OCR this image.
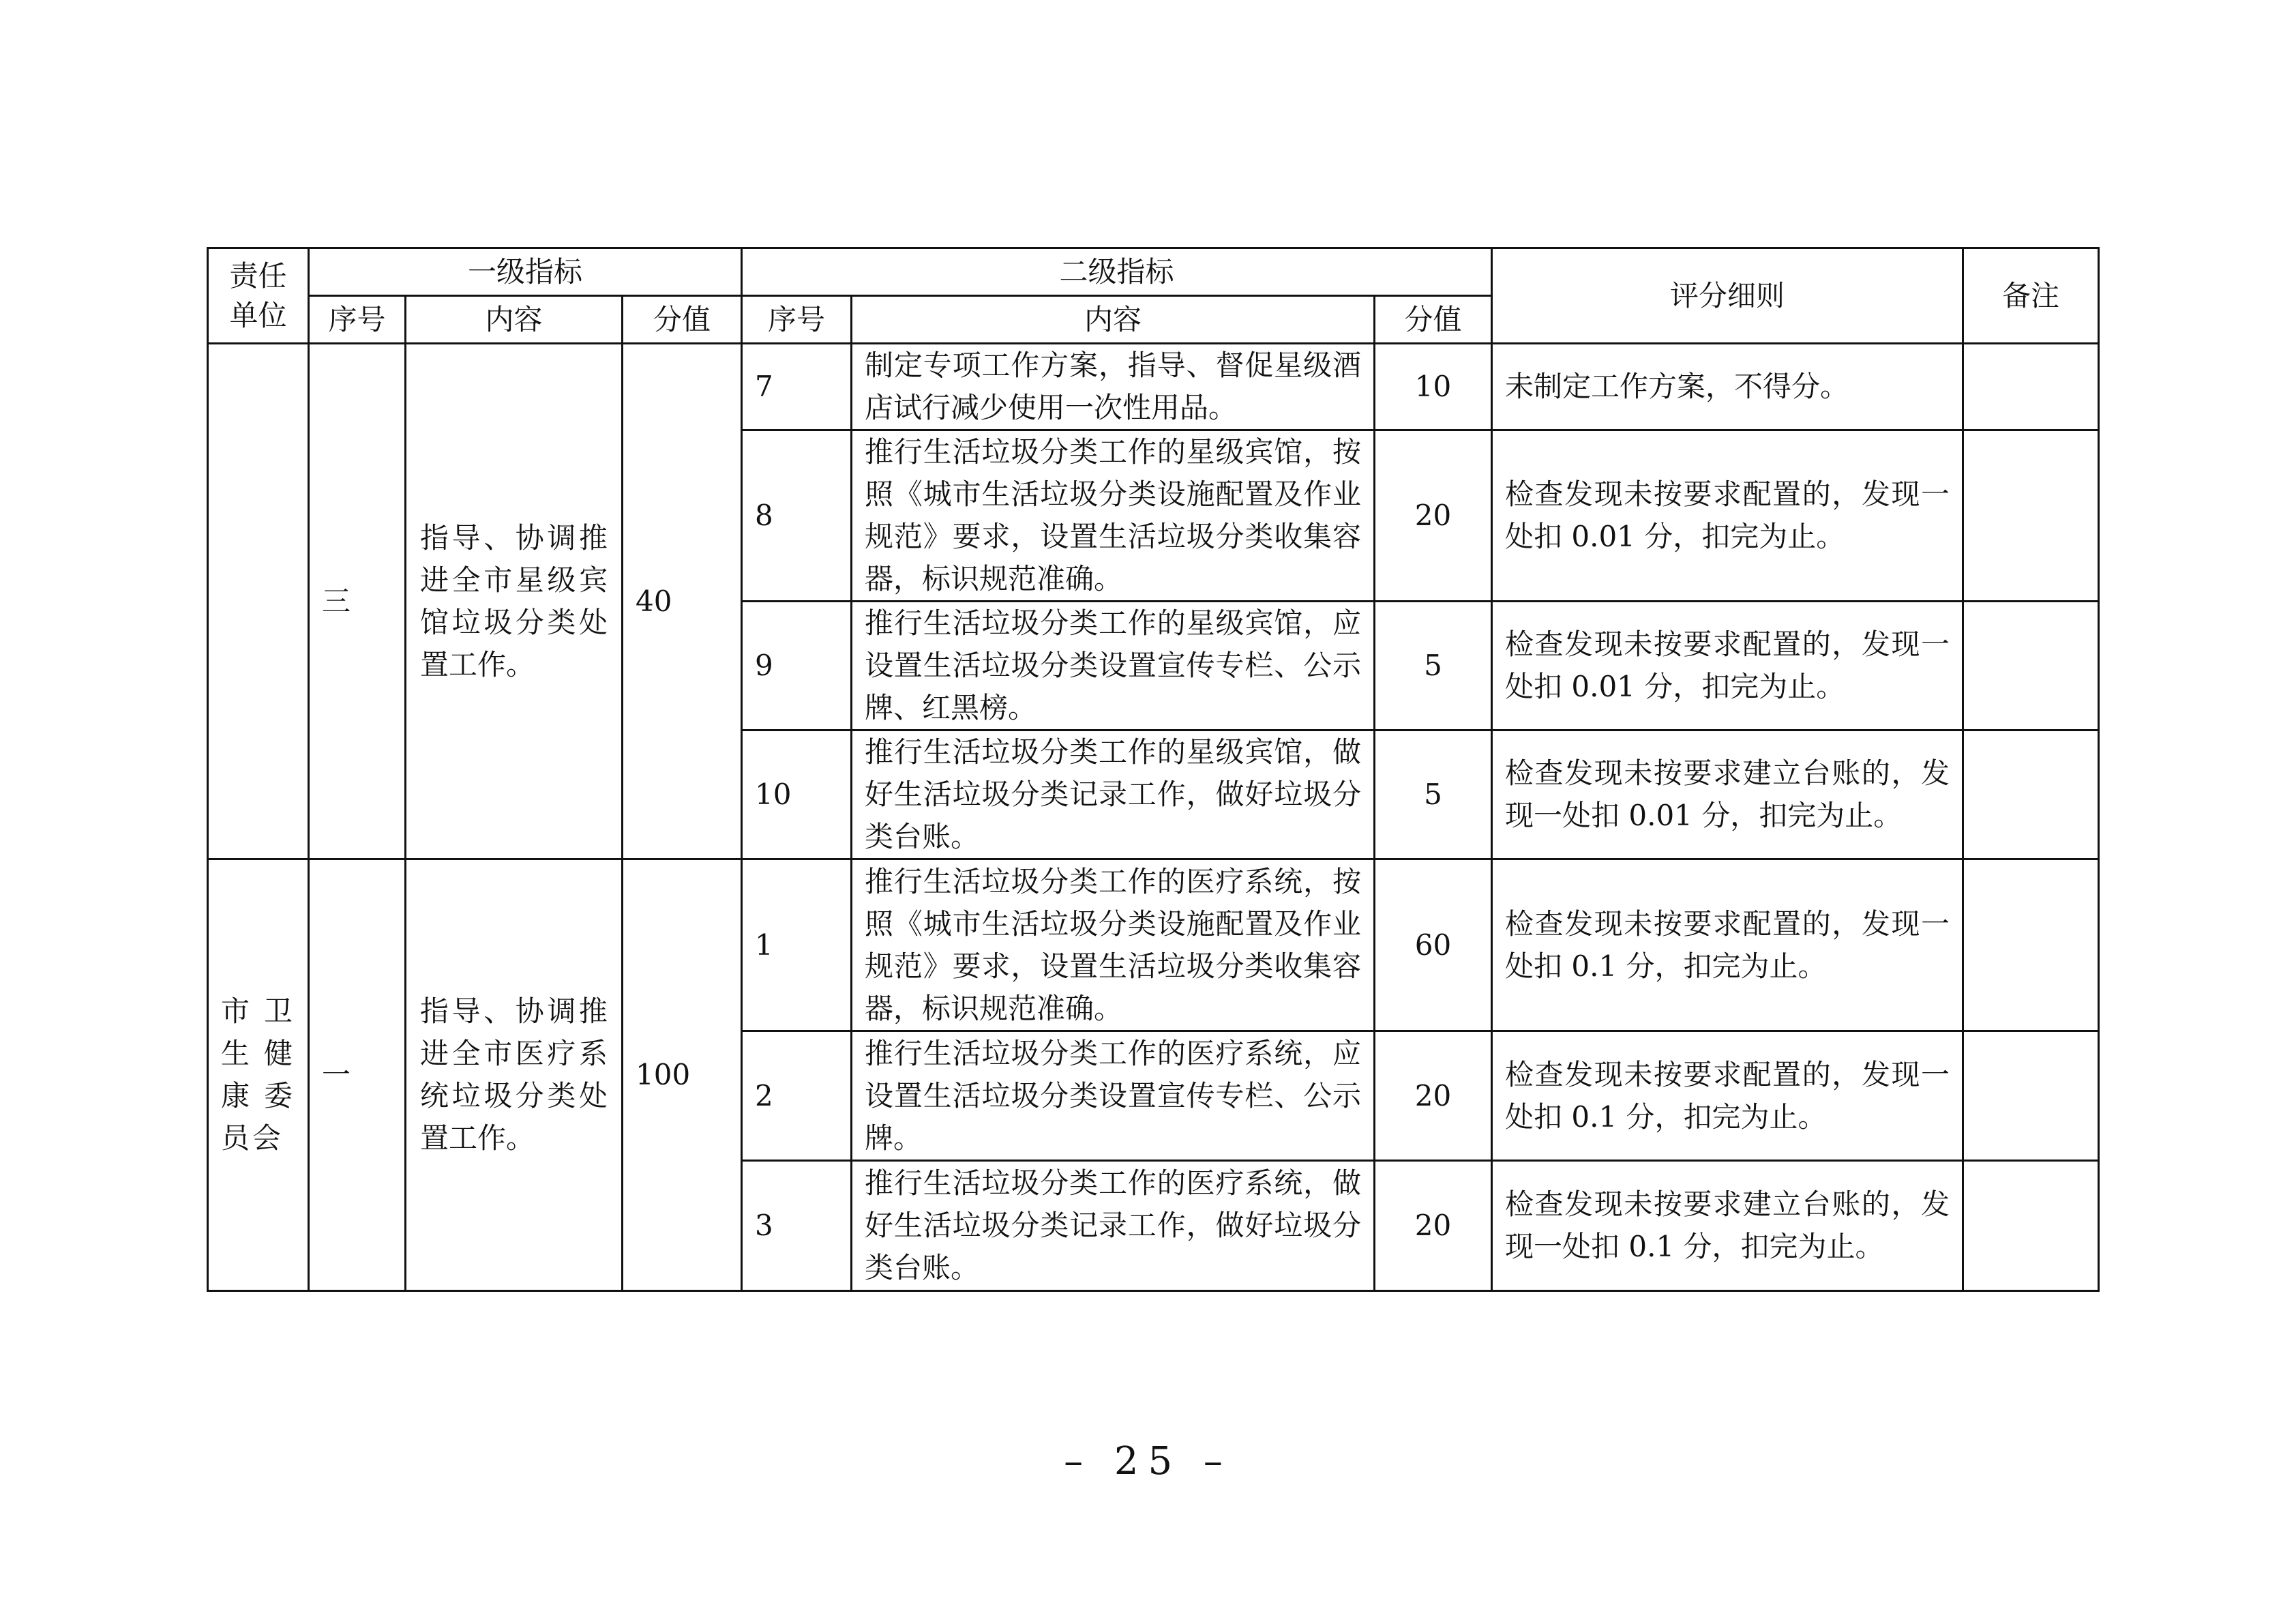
责任单位	一级指标			二级指标			评分细则	备注
	序号	内容	分值	序号	内容	分值		
	三	指导、协调推进全市星级宾馆垃圾分类处置工作。	40	7	制定专项工作方案，指导、督促星级酒店试行减少使用一次性用品。	10	未制定工作方案，不得分。	
				8	推行生活垃圾分类工作的星级宾馆，按照《城市生活垃圾分类设施配置及作业规范》要求，设置生活垃圾分类收集容器，标识规范准确。	20	检查发现未按要求配置的，发现一处扣 0.01 分，扣完为止。	
				9	推行生活垃圾分类工作的星级宾馆，应设置生活垃圾分类设置宣传专栏、公示牌、红黑榜。	5	检查发现未按要求配置的，发现一处扣 0.01 分，扣完为止。	
				10	推行生活垃圾分类工作的星级宾馆，做好生活垃圾分类记录工作，做好垃圾分类台账。	5	检查发现未按要求建立台账的，发现一处扣 0.01 分，扣完为止。	
市卫生健康委员会	一	指导、协调推进全市医疗系统垃圾分类处置工作。	100	1	推行生活垃圾分类工作的医疗系统，按照《城市生活垃圾分类设施配置及作业规范》要求，设置生活垃圾分类收集容器，标识规范准确。	60	检查发现未按要求配置的，发现一处扣 0.1 分，扣完为止。	
				2	推行生活垃圾分类工作的医疗系统，应设置生活垃圾分类设置宣传专栏、公示牌。	20	检查发现未按要求配置的，发现一处扣 0.1 分，扣完为止。	
				3	推行生活垃圾分类工作的医疗系统，做好生活垃圾分类记录工作，做好垃圾分类台账。	20	检查发现未按要求建立台账的，发现一处扣 0.1 分，扣完为止。	
– 25 –
